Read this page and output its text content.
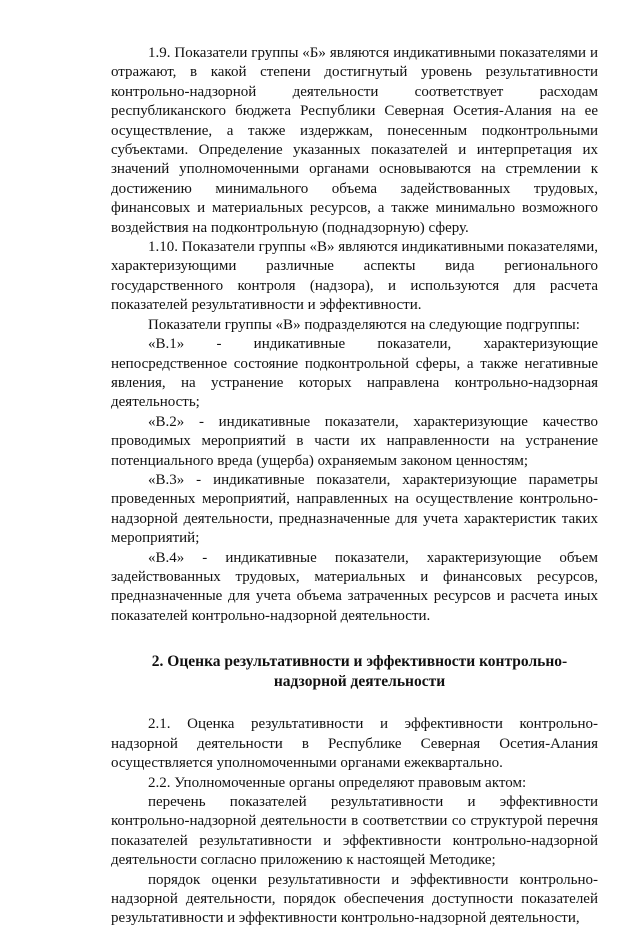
1.9. Показатели группы «Б» являются индикативными показателями и отражают, в какой степени достигнутый уровень результативности контрольно-надзорной деятельности соответствует расходам республиканского бюджета Республики Северная Осетия-Алания на ее осуществление, а также издержкам, понесенным подконтрольными субъектами. Определение указанных показателей и интерпретация их значений уполномоченными органами основываются на стремлении к достижению минимального объема задействованных трудовых, финансовых и материальных ресурсов, а также минимально возможного воздействия на подконтрольную (поднадзорную) сферу.

1.10. Показатели группы «В» являются индикативными показателями, характеризующими различные аспекты вида регионального государственного контроля (надзора), и используются для расчета показателей результативности и эффективности.

Показатели группы «В» подразделяются на следующие подгруппы:

«В.1» - индикативные показатели, характеризующие непосредственное состояние подконтрольной сферы, а также негативные явления, на устранение которых направлена контрольно-надзорная деятельность;

«В.2» - индикативные показатели, характеризующие качество проводимых мероприятий в части их направленности на устранение потенциального вреда (ущерба) охраняемым законом ценностям;

«В.3» - индикативные показатели, характеризующие параметры проведенных мероприятий, направленных на осуществление контрольно-надзорной деятельности, предназначенные для учета характеристик таких мероприятий;

«В.4» - индикативные показатели, характеризующие объем задействованных трудовых, материальных и финансовых ресурсов, предназначенные для учета объема затраченных ресурсов и расчета иных показателей контрольно-надзорной деятельности.

2. Оценка результативности и эффективности контрольно-
надзорной деятельности

2.1. Оценка результативности и эффективности контрольно-надзорной деятельности в Республике Северная Осетия-Алания осуществляется уполномоченными органами ежеквартально.

2.2. Уполномоченные органы определяют правовым актом:

перечень показателей результативности и эффективности контрольно-надзорной деятельности в соответствии со структурой перечня показателей результативности и эффективности контрольно-надзорной деятельности согласно приложению к настоящей Методике;

порядок оценки результативности и эффективности контрольно-надзорной деятельности, порядок обеспечения доступности показателей результативности и эффективности контрольно-надзорной деятельности,
